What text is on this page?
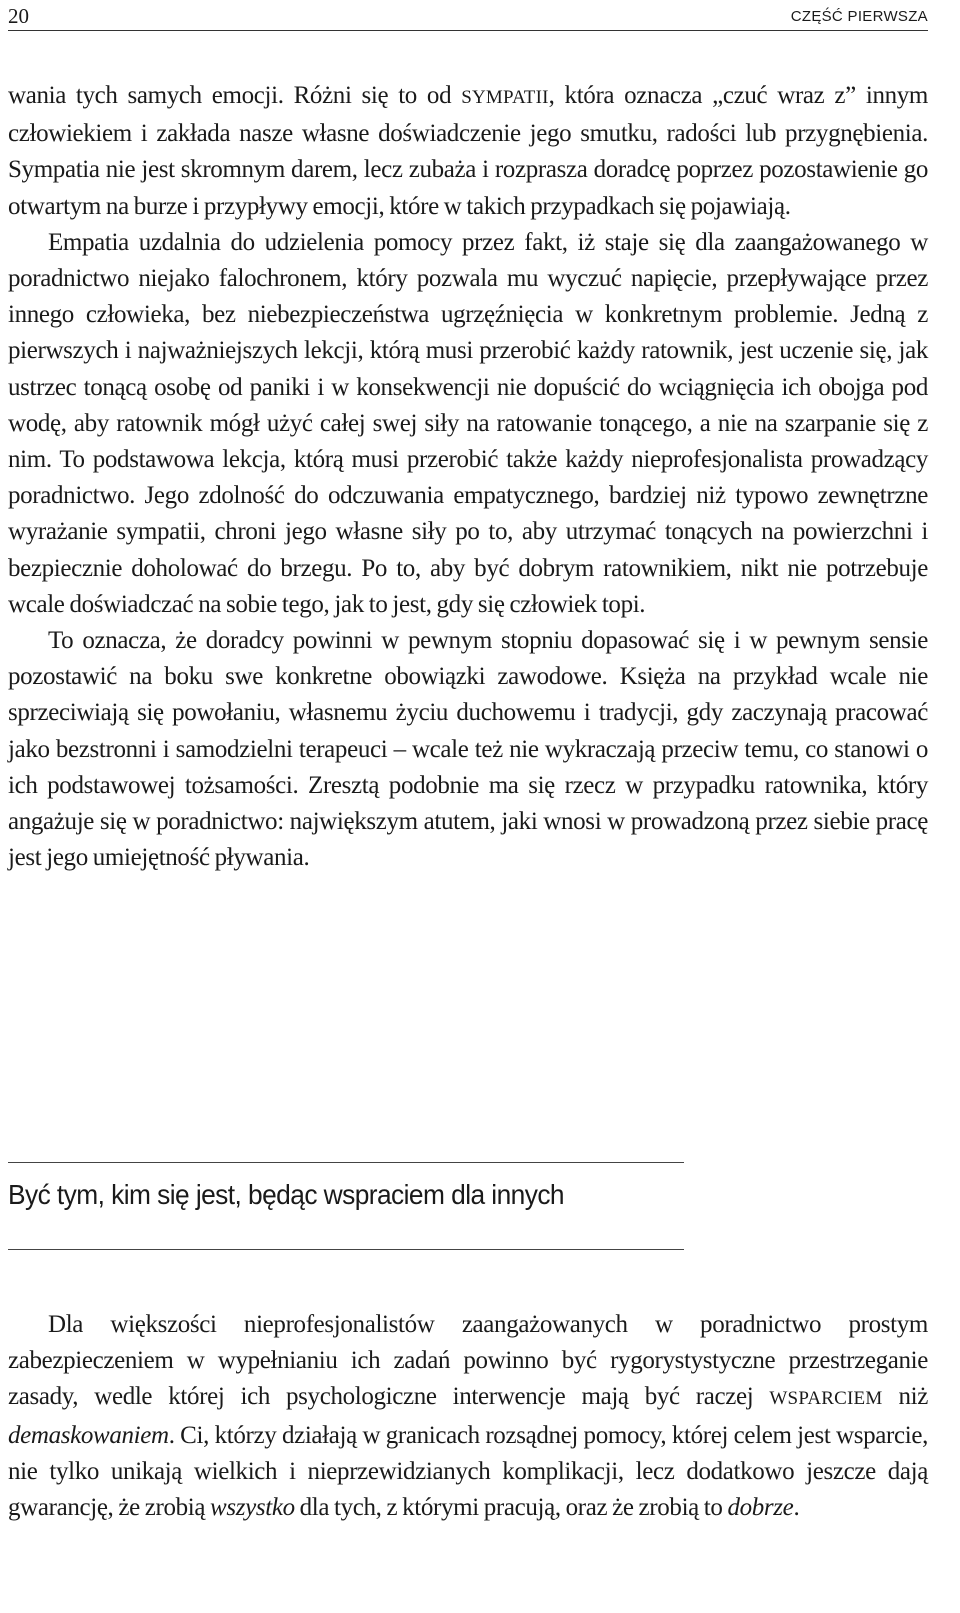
20	CZĘŚĆ PIERWSZA

wania tych samych emocji. Różni się to od SYMPATII, która oznacza „czuć wraz z” innym człowiekiem i zakłada nasze własne doświadczenie jego smutku, radości lub przygnębienia. Sympatia nie jest skromnym darem, lecz zubaża i rozprasza doradcę poprzez pozostawienie go otwartym na burze i przypływy emocji, które w takich przypadkach się pojawiają.

Empatia uzdalnia do udzielenia pomocy przez fakt, iż staje się dla zaangażowanego w poradnictwo niejako falochronem, który pozwala mu wyczuć napięcie, przepływające przez innego człowieka, bez niebezpieczeństwa ugrzęźnięcia w konkretnym problemie. Jedną z pierwszych i najważniejszych lekcji, którą musi przerobić każdy ratownik, jest uczenie się, jak ustrzec tonącą osobę od paniki i w konsekwencji nie dopuścić do wciągnięcia ich obojga pod wodę, aby ratownik mógł użyć całej swej siły na ratowanie tonącego, a nie na szarpanie się z nim. To podstawowa lekcja, którą musi przerobić także każdy nieprofesjonalista prowadzący poradnictwo. Jego zdolność do odczuwania empatycznego, bardziej niż typowo zewnętrzne wyrażanie sympatii, chroni jego własne siły po to, aby utrzymać tonących na powierzchni i bezpiecznie doholować do brzegu. Po to, aby być dobrym ratownikiem, nikt nie potrzebuje wcale doświadczać na sobie tego, jak to jest, gdy się człowiek topi.

To oznacza, że doradcy powinni w pewnym stopniu dopasować się i w pewnym sensie pozostawić na boku swe konkretne obowiązki zawodowe. Księża na przykład wcale nie sprzeciwiają się powołaniu, własnemu życiu duchowemu i tradycji, gdy zaczynają pracować jako bezstronni i samodzielni terapeuci – wcale też nie wykraczają przeciw temu, co stanowi o ich podstawowej tożsamości. Zresztą podobnie ma się rzecz w przypadku ratownika, który angażuje się w poradnictwo: największym atutem, jaki wnosi w prowadzoną przez siebie pracę jest jego umiejętność pływania.

Być tym, kim się jest, będąc wspraciem dla innych

Dla większości nieprofesjonalistów zaangażowanych w poradnictwo prostym zabezpieczeniem w wypełnianiu ich zadań powinno być rygorystystyczne przestrzeganie zasady, wedle której ich psychologiczne interwencje mają być raczej WSPARCIEM niż demaskowaniem. Ci, którzy działają w granicach rozsądnej pomocy, której celem jest wsparcie, nie tylko unikają wielkich i nieprzewidzianych komplikacji, lecz dodatkowo jeszcze dają gwarancję, że zrobią wszystko dla tych, z którymi pracują, oraz że zrobią to dobrze.
